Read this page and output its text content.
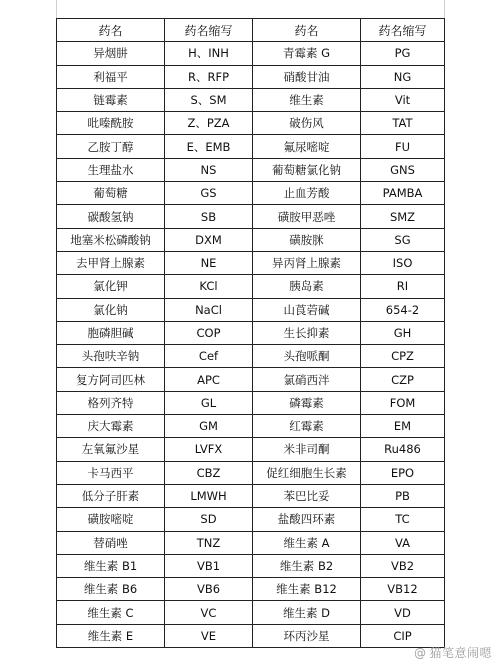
药名	药名缩写	药名	药名缩写
异烟肼	H、INH	青霉素 G	PG
利福平	R、RFP	硝酸甘油	NG
链霉素	S、SM	维生素	Vit
吡嗪酰胺	Z、PZA	破伤风	TAT
乙胺丁醇	E、EMB	氟尿嘧啶	FU
生理盐水	NS	葡萄糖氯化钠	GNS
葡萄糖	GS	止血芳酸	PAMBA
碳酸氢钠	SB	磺胺甲恶唑	SMZ
地塞米松磷酸钠	DXM	磺胺脒	SG
去甲肾上腺素	NE	异丙肾上腺素	ISO
氯化钾	KCl	胰岛素	RI
氯化钠	NaCl	山莨菪碱	654-2
胞磷胆碱	COP	生长抑素	GH
头孢呋辛钠	Cef	头孢哌酮	CPZ
复方阿司匹林	APC	氯硝西泮	CZP
格列齐特	GL	磷霉素	FOM
庆大霉素	GM	红霉素	EM
左氧氟沙星	LVFX	米非司酮	Ru486
卡马西平	CBZ	促红细胞生长素	EPO
低分子肝素	LMWH	苯巴比妥	PB
磺胺嘧啶	SD	盐酸四环素	TC
替硝唑	TNZ	维生素 A	VA
维生素 B1	VB1	维生素 B2	VB2
维生素 B6	VB6	维生素 B12	VB12
维生素 C	VC	维生素 D	VD
维生素 E	VE	环丙沙星	CIP
@ 猫笔意闹嗯
